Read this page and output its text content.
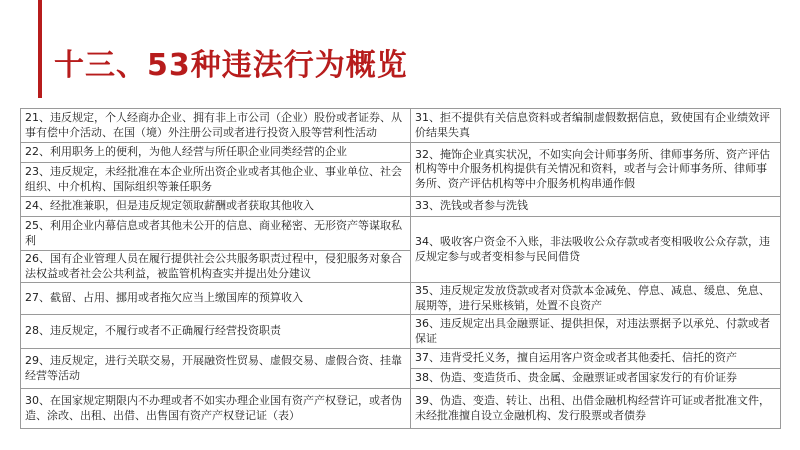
十三、53种违法行为概览
21、违反规定，个人经商办企业、拥有非上市公司（企业）股份或者证券、从事有偿中介活动、在国（境）外注册公司或者进行投资入股等营利性活动	31、拒不提供有关信息资料或者编制虚假数据信息，致使国有企业绩效评价结果失真
22、利用职务上的便利，为他人经营与所任职企业同类经营的企业	32、掩饰企业真实状况，不如实向会计师事务所、律师事务所、资产评估机构等中介服务机构提供有关情况和资料，或者与会计师事务所、律师事务所、资产评估机构等中介服务机构串通作假
23、违反规定，未经批准在本企业所出资企业或者其他企业、事业单位、社会组织、中介机构、国际组织等兼任职务	
24、经批准兼职，但是违反规定领取薪酬或者获取其他收入	33、洗钱或者参与洗钱
25、利用企业内幕信息或者其他未公开的信息、商业秘密、无形资产等谋取私利	34、吸收客户资金不入账，非法吸收公众存款或者变相吸收公众存款，违反规定参与或者变相参与民间借贷
26、国有企业管理人员在履行提供社会公共服务职责过程中，侵犯服务对象合法权益或者社会公共利益，被监管机构查实并提出处分建议	
27、截留、占用、挪用或者拖欠应当上缴国库的预算收入	35、违反规定发放贷款或者对贷款本金减免、停息、减息、缓息、免息、展期等，进行呆账核销，处置不良资产
28、违反规定，不履行或者不正确履行经营投资职责	36、违反规定出具金融票证、提供担保，对违法票据予以承兑、付款或者保证
29、违反规定，进行关联交易，开展融资性贸易、虚假交易、虚假合资、挂靠经营等活动	37、违背受托义务，擅自运用客户资金或者其他委托、信托的资产
	38、伪造、变造货币、贵金属、金融票证或者国家发行的有价证券
30、在国家规定期限内不办理或者不如实办理企业国有资产产权登记，或者伪造、涂改、出租、出借、出售国有资产产权登记证（表）	39、伪造、变造、转让、出租、出借金融机构经营许可证或者批准文件，未经批准擅自设立金融机构、发行股票或者债券
